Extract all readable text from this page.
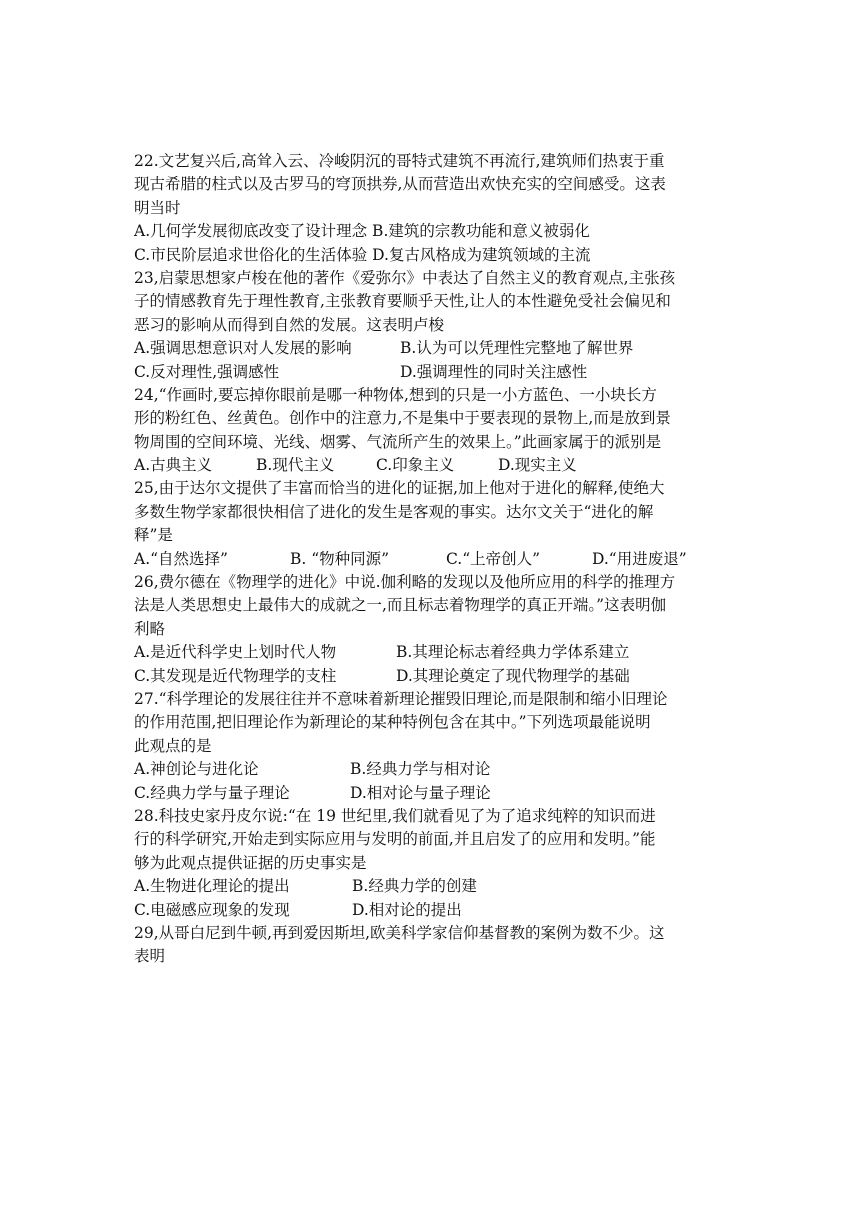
22.文艺复兴后,高耸入云、冷峻阴沉的哥特式建筑不再流行,建筑师们热衷于重
现古希腊的柱式以及古罗马的穹顶拱券,从而营造出欢快充实的空间感受。这表
明当时
A.几何学发展彻底改变了设计理念 B.建筑的宗教功能和意义被弱化
C.市民阶层追求世俗化的生活体验 D.复古风格成为建筑领域的主流
23,启蒙思想家卢梭在他的著作《爱弥尔》中表达了自然主义的教育观点,主张孩
子的情感教育先于理性教育,主张教育要顺乎天性,让人的本性避免受社会偏见和
恶习的影响从而得到自然的发展。这表明卢梭
A.强调思想意识对人发展的影响	B.认为可以凭理性完整地了解世界
C.反对理性,强调感性	D.强调理性的同时关注感性
24,“作画时,要忘掉你眼前是哪一种物体,想到的只是一小方蓝色、一小块长方
形的粉红色、丝黄色。创作中的注意力,不是集中于要表现的景物上,而是放到景
物周围的空间环境、光线、烟雾、气流所产生的效果上。”此画家属于的派别是
A.古典主义	B.现代主义	C.印象主义	D.现实主义
25,由于达尔文提供了丰富而恰当的进化的证据,加上他对于进化的解释,使绝大
多数生物学家都很快相信了进化的发生是客观的事实。达尔文关于“进化的解
释”是
A.“自然选择”	B. “物种同源”	C.“上帝创人”	D.“用进废退”
26,费尔德在《物理学的进化》中说.伽利略的发现以及他所应用的科学的推理方
法是人类思想史上最伟大的成就之一,而且标志着物理学的真正开端。”这表明伽
利略
A.是近代科学史上划时代人物	B.其理论标志着经典力学体系建立
C.其发现是近代物理学的支柱	D.其理论奠定了现代物理学的基础
27.“科学理论的发展往往并不意味着新理论摧毁旧理论,而是限制和缩小旧理论
的作用范围,把旧理论作为新理论的某种特例包含在其中。”下列选项最能说明
此观点的是
A.神创论与进化论	B.经典力学与相对论
C.经典力学与量子理论	D.相对论与量子理论
28.科技史家丹皮尔说:“在 19 世纪里,我们就看见了为了追求纯粹的知识而进
行的科学研究,开始走到实际应用与发明的前面,并且启发了的应用和发明。”能
够为此观点提供证据的历史事实是
A.生物进化理论的提出	B.经典力学的创建
C.电磁感应现象的发现	D.相对论的提出
29,从哥白尼到牛顿,再到爱因斯坦,欧美科学家信仰基督教的案例为数不少。这
表明
